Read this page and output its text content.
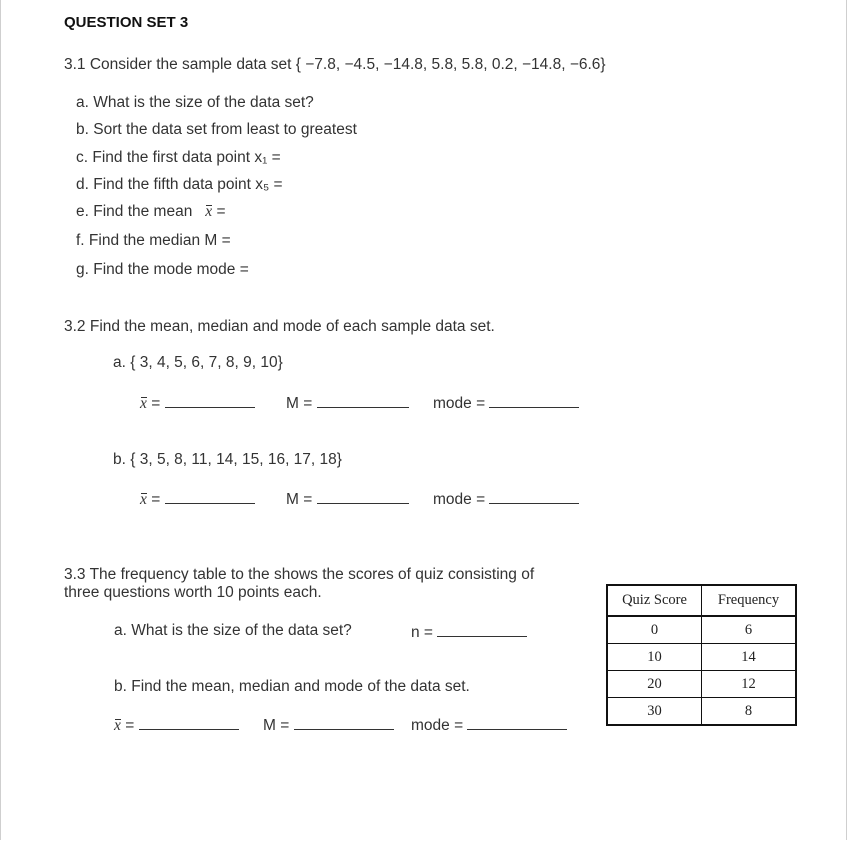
QUESTION SET 3
3.1 Consider the sample data set { −7.8, −4.5, −14.8, 5.8, 5.8, 0.2, −14.8, −6.6}
a. What is the size of the data set?
b. Sort the data set from least to greatest
c. Find the first data point x₁ =
d. Find the fifth data point x₅ =
e. Find the mean x =
f. Find the median M =
g. Find the mode mode =
3.2 Find the mean, median and mode of each sample data set.
a. { 3, 4, 5, 6, 7, 8, 9, 10}
x =	M =	mode =
b. { 3, 5, 8, 11, 14, 15, 16, 17, 18}
x =	M =	mode =
3.3 The frequency table to the shows the scores of quiz consisting of
three questions worth 10 points each.
a. What is the size of the data set?	n =
b. Find the mean, median and mode of the data set.
x =	M =	mode =
Quiz Score	Frequency
0	6
10	14
20	12
30	8
